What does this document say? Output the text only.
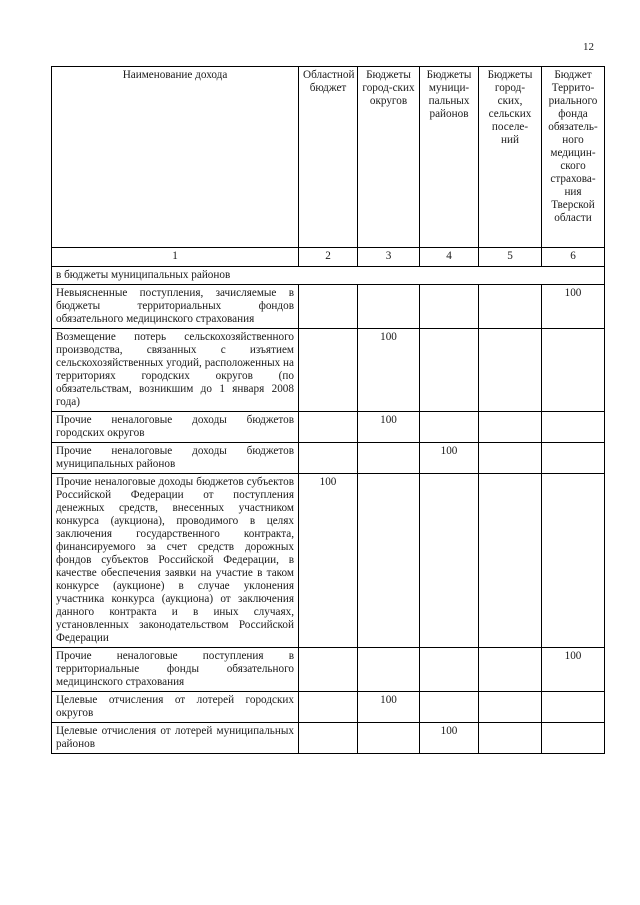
12
Наименование дохода	Областной бюджет	Бюджеты город-ских округов	Бюджеты муници-пальных районов	Бюджеты город-ских, сельских поселе-ний	Бюджет Террито-риального фонда обязатель-ного медицин-ского страхова-ния Тверской области
1	2	3	4	5	6
в бюджеты муниципальных районов					
Невыясненные поступления, зачисляемые в бюджеты территориальных фондов обязательного медицинского страхования					100
Возмещение потерь сельскохозяйственного производства, связанных с изъятием сельскохозяйственных угодий, расположенных на территориях городских округов (по обязательствам, возникшим до 1 января 2008 года)		100			
Прочие неналоговые доходы бюджетов городских округов		100			
Прочие неналоговые доходы бюджетов муниципальных районов			100		
Прочие неналоговые доходы бюджетов субъектов Российской Федерации от поступления денежных средств, внесенных участником конкурса (аукциона), проводимого в целях заключения государственного контракта, финансируемого за счет средств дорожных фондов субъектов Российской Федерации, в качестве обеспечения заявки на участие в таком конкурсе (аукционе) в случае уклонения участника конкурса (аукциона) от заключения данного контракта и в иных случаях, установленных законодательством Российской Федерации	100				
Прочие неналоговые поступления в территориальные фонды обязательного медицинского страхования					100
Целевые отчисления от лотерей городских округов		100			
Целевые отчисления от лотерей муниципальных районов			100		
